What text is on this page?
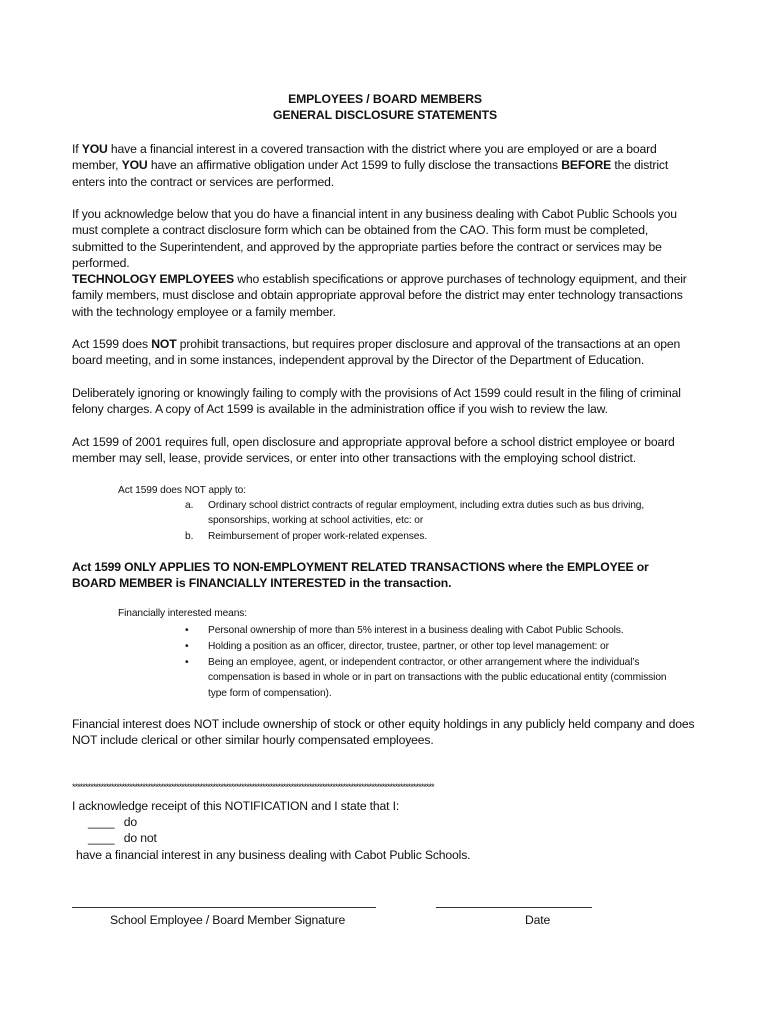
EMPLOYEES / BOARD MEMBERS
GENERAL DISCLOSURE STATEMENTS

If YOU have a financial interest in a covered transaction with the district where you are employed or are a board member, YOU have an affirmative obligation under Act 1599 to fully disclose the transactions BEFORE the district enters into the contract or services are performed.

If you acknowledge below that you do have a financial intent in any business dealing with Cabot Public Schools you must complete a contract disclosure form which can be obtained from the CAO. This form must be completed, submitted to the Superintendent, and approved by the appropriate parties before the contract or services may be performed.

TECHNOLOGY EMPLOYEES who establish specifications or approve purchases of technology equipment, and their family members, must disclose and obtain appropriate approval before the district may enter technology transactions with the technology employee or a family member.

Act 1599 does NOT prohibit transactions, but requires proper disclosure and approval of the transactions at an open board meeting, and in some instances, independent approval by the Director of the Department of Education.

Deliberately ignoring or knowingly failing to comply with the provisions of Act 1599 could result in the filing of criminal felony charges. A copy of Act 1599 is available in the administration office if you wish to review the law.

Act 1599 of 2001 requires full, open disclosure and appropriate approval before a school district employee or board member may sell, lease, provide services, or enter into other transactions with the employing school district.

Act 1599 does NOT apply to:

a.	Ordinary school district contracts of regular employment, including extra duties such as bus driving, sponsorships, working at school activities, etc: or
b.	Reimbursement of proper work-related expenses.

Act 1599 ONLY APPLIES TO NON-EMPLOYMENT RELATED TRANSACTIONS where the EMPLOYEE or BOARD MEMBER is FINANCIALLY INTERESTED in the transaction.

Financially interested means:

•	Personal ownership of more than 5% interest in a business dealing with Cabot Public Schools.
•	Holding a position as an officer, director, trustee, partner, or other top level management: or
•	Being an employee, agent, or independent contractor, or other arrangement where the individual’s compensation is based in whole or in part on transactions with the public educational entity (commission type form of compensation).

Financial interest does NOT include ownership of stock or other equity holdings in any publicly held company and does NOT include clerical or other similar hourly compensated employees.

*******************************************************************************************************************************************

I acknowledge receipt of this NOTIFICATION and I state that I:

____ do
____ do not

have a financial interest in any business dealing with Cabot Public Schools.

School Employee / Board Member Signature	Date
